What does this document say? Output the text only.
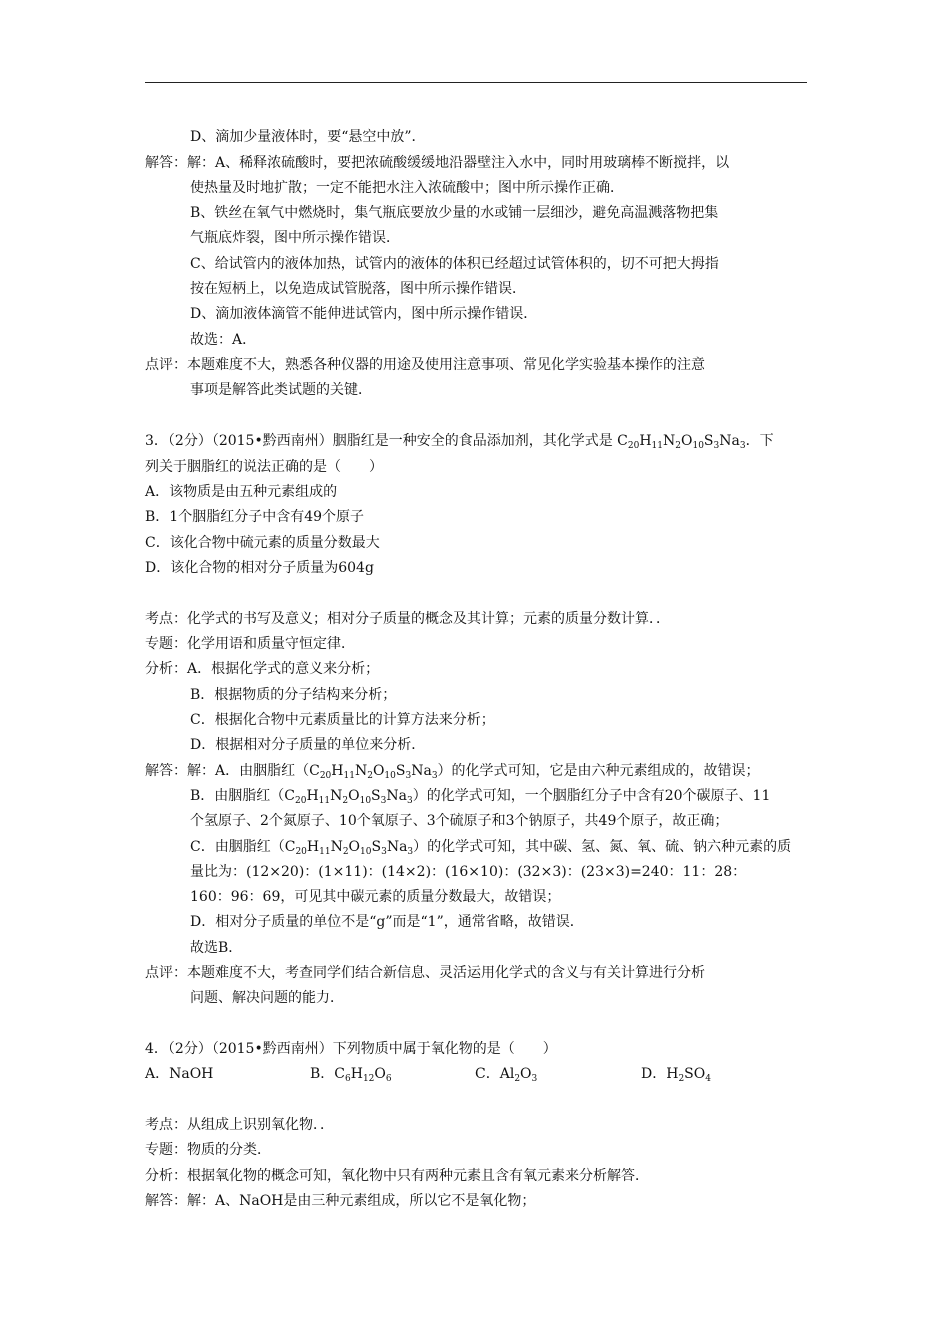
D、滴加少量液体时，要“悬空中放”．
解答：解：A、稀释浓硫酸时，要把浓硫酸缓缓地沿器壁注入水中，同时用玻璃棒不断搅拌，以
使热量及时地扩散；一定不能把水注入浓硫酸中；图中所示操作正确．
B、铁丝在氧气中燃烧时，集气瓶底要放少量的水或铺一层细沙，避免高温溅落物把集
气瓶底炸裂，图中所示操作错误．
C、给试管内的液体加热，试管内的液体的体积已经超过试管体积的，切不可把大拇指
按在短柄上，以免造成试管脱落，图中所示操作错误．
D、滴加液体滴管不能伸进试管内，图中所示操作错误．
故选：A．
点评：本题难度不大，熟悉各种仪器的用途及使用注意事项、常见化学实验基本操作的注意
事项是解答此类试题的关键．
3．（2分）（2015•黔西南州）胭脂红是一种安全的食品添加剂，其化学式是 $C_{20}H_{11}N_2O_{10}S_3Na_3$．下
列关于胭脂红的说法正确的是（　　）
A．该物质是由五种元素组成的
B．1个胭脂红分子中含有49个原子
C．该化合物中硫元素的质量分数最大
D．该化合物的相对分子质量为604g
考点：化学式的书写及意义；相对分子质量的概念及其计算；元素的质量分数计算．．
专题：化学用语和质量守恒定律．
分析：A．根据化学式的意义来分析；
B．根据物质的分子结构来分析；
C．根据化合物中元素质量比的计算方法来分析；
D．根据相对分子质量的单位来分析．
解答：解：A．由胭脂红$(C_{20}H_{11}N_2O_{10}S_3Na_3)$的化学式可知，它是由六种元素组成的，故错误；
B．由胭脂红$(C_{20}H_{11}N_2O_{10}S_3Na_3)$的化学式可知，一个胭脂红分子中含有20个碳原子、11
个氢原子、2个氮原子、10个氧原子、3个硫原子和3个钠原子，共49个原子，故正确；
C．由胭脂红$(C_{20}H_{11}N_2O_{10}S_3Na_3)$的化学式可知，其中碳、氢、氮、氧、硫、钠六种元素的质
量比为：(12×20)：(1×11)：(14×2)：(16×10)：(32×3)：(23×3)=240：11：28：
160：96：69，可见其中碳元素的质量分数最大，故错误；
D．相对分子质量的单位不是“g”而是“1”，通常省略，故错误．
故选B．
点评：本题难度不大，考查同学们结合新信息、灵活运用化学式的含义与有关计算进行分析
问题、解决问题的能力．
4．（2分）（2015•黔西南州）下列物质中属于氧化物的是（　　）
A．NaOH	B．$C_6H_{12}O_6$	C．$Al_2O_3$	D．$H_2SO_4$
考点：从组成上识别氧化物．．
专题：物质的分类．
分析：根据氧化物的概念可知，氧化物中只有两种元素且含有氧元素来分析解答．
解答：解：A、NaOH是由三种元素组成，所以它不是氧化物；
